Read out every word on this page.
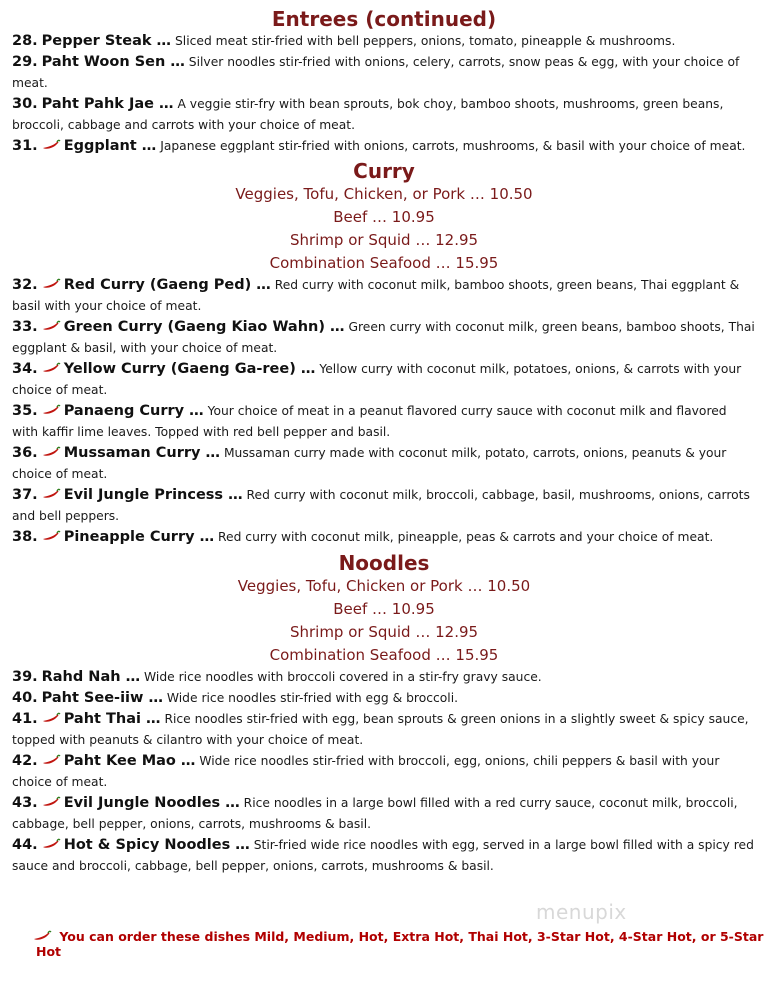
Entrees (continued)

28. Pepper Steak … Sliced meat stir-fried with bell peppers, onions, tomato, pineapple & mushrooms.

29. Paht Woon Sen … Silver noodles stir-fried with onions, celery, carrots, snow peas & egg, with your choice of meat.

30. Paht Pahk Jae … A veggie stir-fry with bean sprouts, bok choy, bamboo shoots, mushrooms, green beans, broccoli, cabbage and carrots with your choice of meat.

31. Eggplant … Japanese eggplant stir-fried with onions, carrots, mushrooms, & basil with your choice of meat.

Curry

Veggies, Tofu, Chicken, or Pork … 10.50

Beef … 10.95

Shrimp or Squid … 12.95

Combination Seafood … 15.95

32. Red Curry (Gaeng Ped) … Red curry with coconut milk, bamboo shoots, green beans, Thai eggplant & basil with your choice of meat.

33. Green Curry (Gaeng Kiao Wahn) … Green curry with coconut milk, green beans, bamboo shoots, Thai eggplant & basil, with your choice of meat.

34. Yellow Curry (Gaeng Ga-ree) … Yellow curry with coconut milk, potatoes, onions, & carrots with your choice of meat.

35. Panaeng Curry … Your choice of meat in a peanut flavored curry sauce with coconut milk and flavored with kaffir lime leaves. Topped with red bell pepper and basil.

36. Mussaman Curry … Mussaman curry made with coconut milk, potato, carrots, onions, peanuts & your choice of meat.

37. Evil Jungle Princess … Red curry with coconut milk, broccoli, cabbage, basil, mushrooms, onions, carrots and bell peppers.

38. Pineapple Curry … Red curry with coconut milk, pineapple, peas & carrots and your choice of meat.

Noodles

Veggies, Tofu, Chicken or Pork … 10.50

Beef … 10.95

Shrimp or Squid … 12.95

Combination Seafood … 15.95

39. Rahd Nah … Wide rice noodles with broccoli covered in a stir-fry gravy sauce.

40. Paht See-iiw … Wide rice noodles stir-fried with egg & broccoli.

41. Paht Thai … Rice noodles stir-fried with egg, bean sprouts & green onions in a slightly sweet & spicy sauce, topped with peanuts & cilantro with your choice of meat.

42. Paht Kee Mao … Wide rice noodles stir-fried with broccoli, egg, onions, chili peppers & basil with your choice of meat.

43. Evil Jungle Noodles … Rice noodles in a large bowl filled with a red curry sauce, coconut milk, broccoli, cabbage, bell pepper, onions, carrots, mushrooms & basil.

44. Hot & Spicy Noodles … Stir-fried wide rice noodles with egg, served in a large bowl filled with a spicy red sauce and broccoli, cabbage, bell pepper, onions, carrots, mushrooms & basil.

menupix
You can order these dishes Mild, Medium, Hot, Extra Hot, Thai Hot, 3-Star Hot, 4-Star Hot, or 5-Star Hot
